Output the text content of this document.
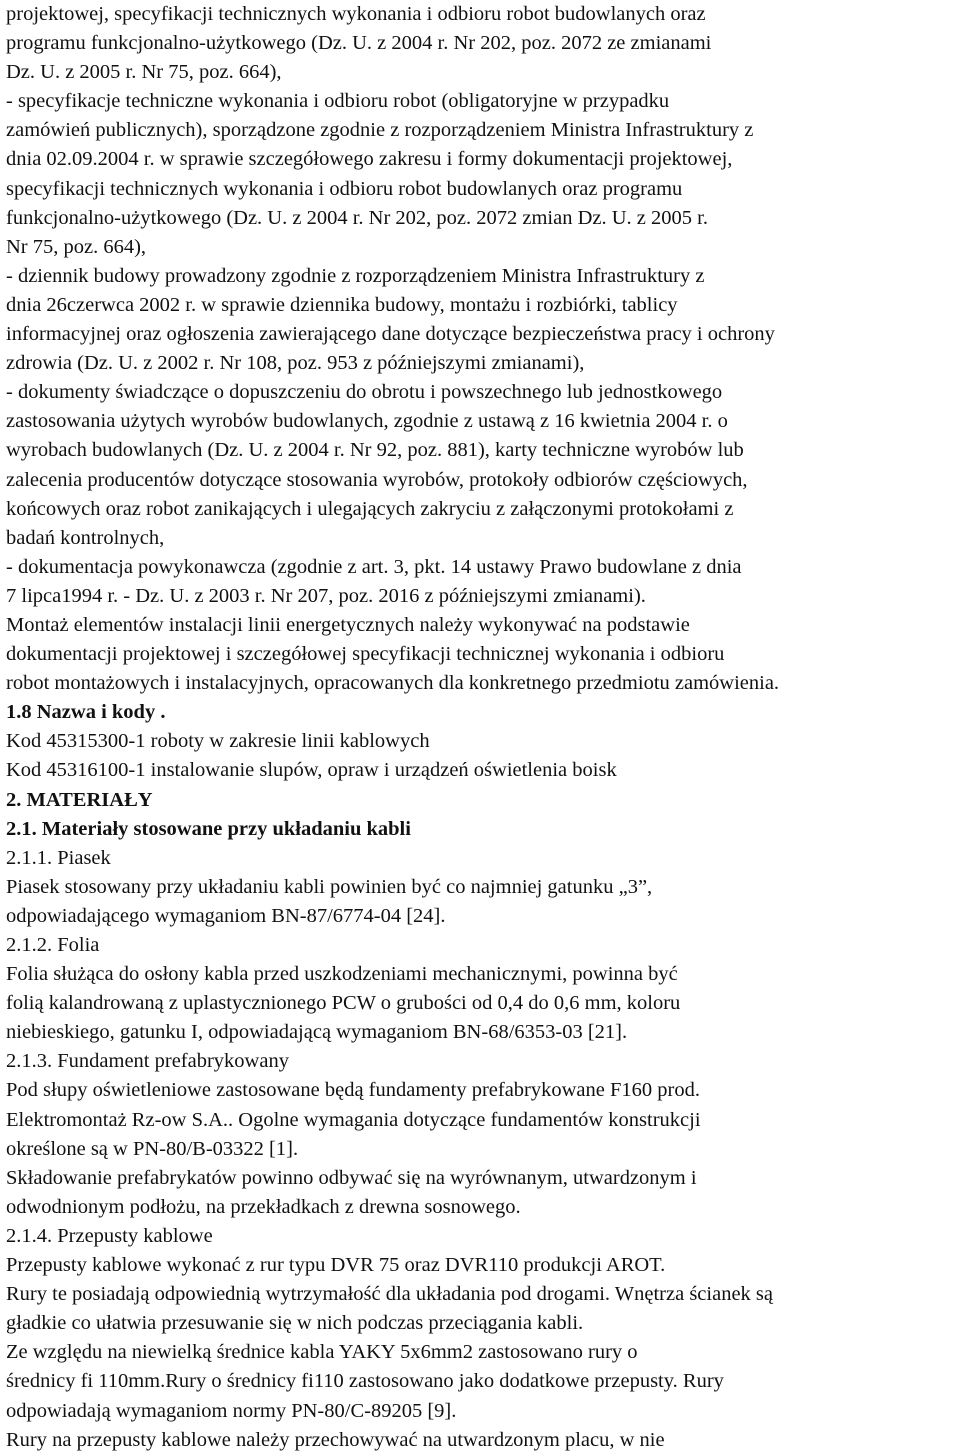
projektowej, specyfikacji technicznych wykonania i odbioru robot budowlanych oraz
programu funkcjonalno-użytkowego (Dz. U. z 2004 r. Nr 202, poz. 2072 ze zmianami
Dz. U. z 2005 r. Nr 75, poz. 664),
- specyfikacje techniczne wykonania i odbioru robot (obligatoryjne w przypadku
zamówień publicznych), sporządzone zgodnie z rozporządzeniem Ministra Infrastruktury z
dnia 02.09.2004 r. w sprawie szczegółowego zakresu i formy dokumentacji projektowej,
specyfikacji technicznych wykonania i odbioru robot budowlanych oraz programu
funkcjonalno-użytkowego (Dz. U. z 2004 r. Nr 202, poz. 2072 zmian Dz. U. z 2005 r.
Nr 75, poz. 664),
- dziennik budowy prowadzony zgodnie z rozporządzeniem Ministra Infrastruktury z
dnia 26czerwca 2002 r. w sprawie dziennika budowy, montażu i rozbiórki, tablicy
informacyjnej oraz ogłoszenia zawierającego dane dotyczące bezpieczeństwa pracy i ochrony
zdrowia (Dz. U. z 2002 r. Nr 108, poz. 953 z późniejszymi zmianami),
- dokumenty świadczące o dopuszczeniu do obrotu i powszechnego lub jednostkowego
zastosowania użytych wyrobów budowlanych, zgodnie z ustawą z 16 kwietnia 2004 r. o
wyrobach budowlanych (Dz. U. z 2004 r. Nr 92, poz. 881), karty techniczne wyrobów lub
zalecenia producentów dotyczące stosowania wyrobów, protokoły odbiorów częściowych,
końcowych oraz robot zanikających i ulegających zakryciu z załączonymi protokołami z
badań kontrolnych,
- dokumentacja powykonawcza (zgodnie z art. 3, pkt. 14 ustawy Prawo budowlane z dnia
7 lipca1994 r. - Dz. U. z 2003 r. Nr 207, poz. 2016 z późniejszymi zmianami).
Montaż elementów instalacji linii energetycznych należy wykonywać na podstawie
dokumentacji projektowej i szczegółowej specyfikacji technicznej wykonania i odbioru
robot montażowych i instalacyjnych, opracowanych dla konkretnego przedmiotu zamówienia.
1.8 Nazwa i kody .
Kod 45315300-1 roboty w zakresie linii kablowych
Kod 45316100-1 instalowanie slupów, opraw i urządzeń oświetlenia boisk
2. MATERIAŁY
2.1. Materiały stosowane przy układaniu kabli
2.1.1. Piasek
Piasek stosowany przy układaniu kabli powinien być co najmniej gatunku „3”,
odpowiadającego wymaganiom BN-87/6774-04 [24].
2.1.2. Folia
Folia służąca do osłony kabla przed uszkodzeniami mechanicznymi, powinna być
folią kalandrowaną z uplastycznionego PCW o grubości od 0,4 do 0,6 mm, koloru
niebieskiego, gatunku I, odpowiadającą wymaganiom BN-68/6353-03 [21].
2.1.3. Fundament prefabrykowany
Pod słupy oświetleniowe zastosowane będą fundamenty prefabrykowane F160 prod.
Elektromontaż Rz-ow S.A.. Ogolne wymagania dotyczące fundamentów konstrukcji
określone są w PN-80/B-03322 [1].
Składowanie prefabrykatów powinno odbywać się na wyrównanym, utwardzonym i
odwodnionym podłożu, na przekładkach z drewna sosnowego.
2.1.4. Przepusty kablowe
Przepusty kablowe wykonać z rur typu DVR 75 oraz DVR110 produkcji AROT.
Rury te posiadają odpowiednią wytrzymałość dla układania pod drogami. Wnętrza ścianek są
gładkie co ułatwia przesuwanie się w nich podczas przeciągania kabli.
Ze względu na niewielką średnice kabla YAKY 5x6mm2 zastosowano rury o
średnicy fi 110mm.Rury o średnicy fi110 zastosowano jako dodatkowe przepusty. Rury
odpowiadają wymaganiom normy PN-80/C-89205 [9].
Rury na przepusty kablowe należy przechowywać na utwardzonym placu, w nie
